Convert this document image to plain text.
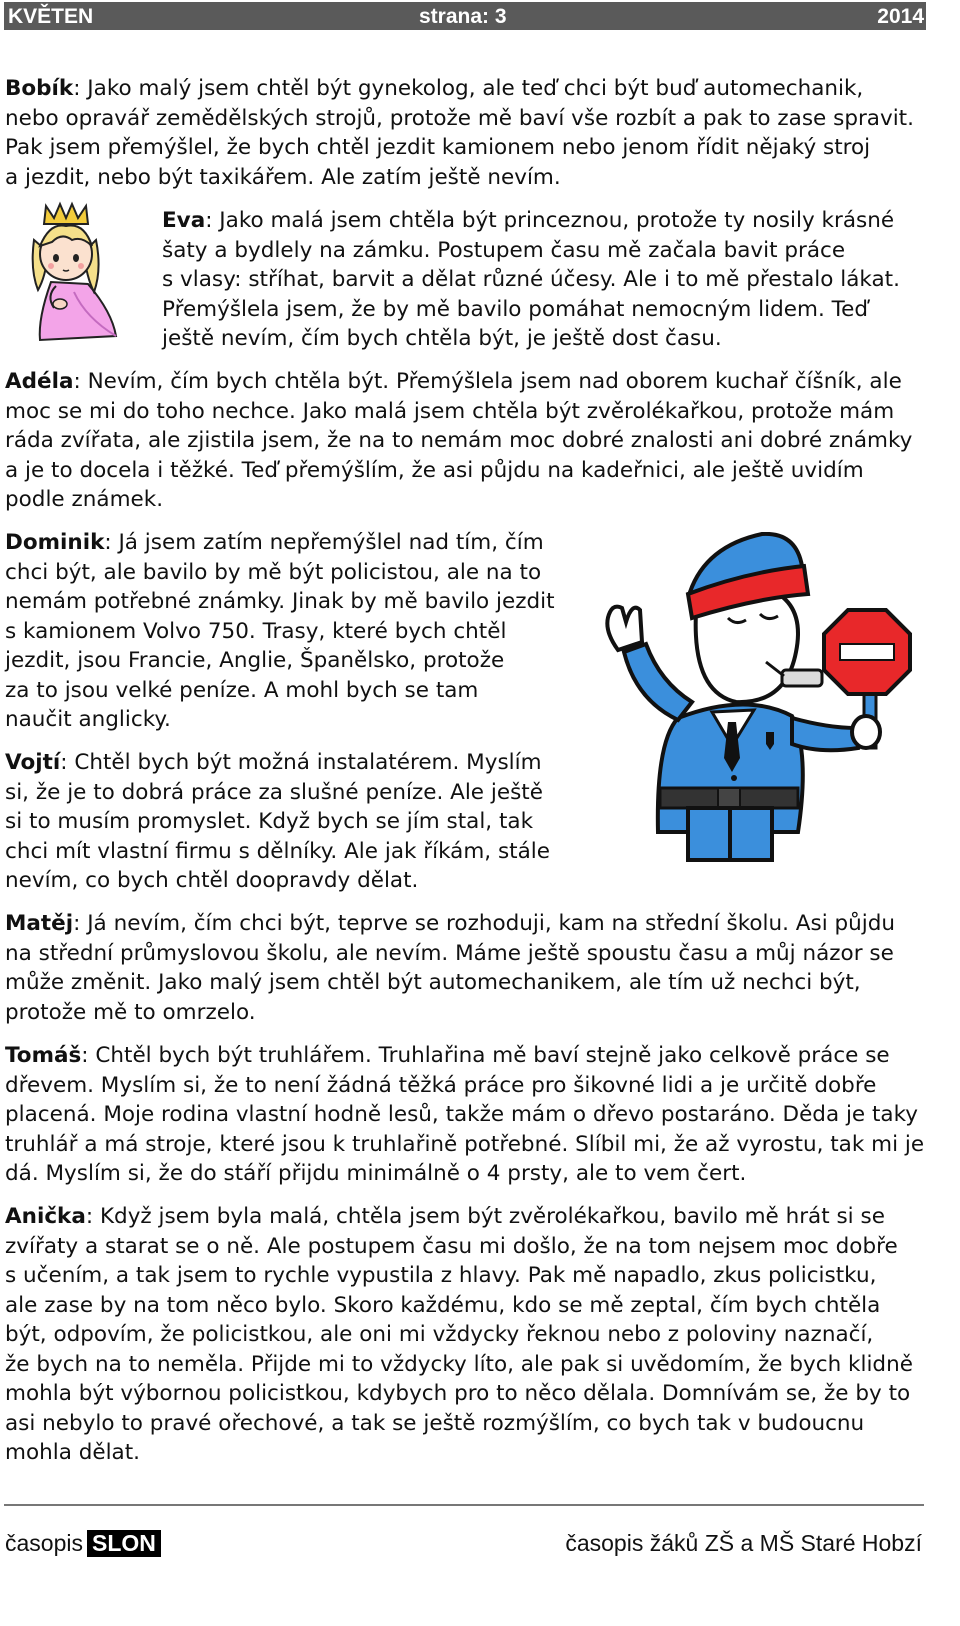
KVĚTEN	strana: 3	2014
Bobík: Jako malý jsem chtěl být gynekolog, ale teď chci být buď automechanik,
nebo opravář zemědělských strojů, protože mě baví vše rozbít a pak to zase spravit.
Pak jsem přemýšlel, že bych chtěl jezdit kamionem nebo jenom řídit nějaký stroj
a jezdit, nebo být taxikářem. Ale zatím ještě nevím.
Eva: Jako malá jsem chtěla být princeznou, protože ty nosily krásné
šaty a bydlely na zámku. Postupem času mě začala bavit práce
s vlasy: stříhat, barvit a dělat různé účesy. Ale i to mě přestalo lákat.
Přemýšlela jsem, že by mě bavilo pomáhat nemocným lidem. Teď
ještě nevím, čím bych chtěla být, je ještě dost času.
Adéla: Nevím, čím bych chtěla být. Přemýšlela jsem nad oborem kuchař číšník, ale
moc se mi do toho nechce. Jako malá jsem chtěla být zvěrolékařkou, protože mám
ráda zvířata, ale zjistila jsem, že na to nemám moc dobré znalosti ani dobré známky
a je to docela i těžké. Teď přemýšlím, že asi půjdu na kadeřnici, ale ještě uvidím
podle známek.
Dominik: Já jsem zatím nepřemýšlel nad tím, čím
chci být, ale bavilo by mě být policistou, ale na to
nemám potřebné známky. Jinak by mě bavilo jezdit
s kamionem Volvo 750. Trasy, které bych chtěl
jezdit, jsou Francie, Anglie, Španělsko, protože
za to jsou velké peníze. A mohl bych se tam
naučit anglicky.
Vojtí: Chtěl bych být možná instalatérem. Myslím
si, že je to dobrá práce za slušné peníze. Ale ještě
si to musím promyslet. Když bych se jím stal, tak
chci mít vlastní firmu s dělníky. Ale jak říkám, stále
nevím, co bych chtěl doopravdy dělat.
Matěj: Já nevím, čím chci být, teprve se rozhoduji, kam na střední školu. Asi půjdu
na střední průmyslovou školu, ale nevím. Máme ještě spoustu času a můj názor se
může změnit. Jako malý jsem chtěl být automechanikem, ale tím už nechci být,
protože mě to omrzelo.
Tomáš: Chtěl bych být truhlářem. Truhlařina mě baví stejně jako celkově práce se
dřevem. Myslím si, že to není žádná těžká práce pro šikovné lidi a je určitě dobře
placená. Moje rodina vlastní hodně lesů, takže mám o dřevo postaráno. Děda je taky
truhlář a má stroje, které jsou k truhlařině potřebné. Slíbil mi, že až vyrostu, tak mi je
dá. Myslím si, že do stáří přijdu minimálně o 4 prsty, ale to vem čert.
Anička: Když jsem byla malá, chtěla jsem být zvěrolékařkou, bavilo mě hrát si se
zvířaty a starat se o ně. Ale postupem času mi došlo, že na tom nejsem moc dobře
s učením, a tak jsem to rychle vypustila z hlavy. Pak mě napadlo, zkus policistku,
ale zase by na tom něco bylo. Skoro každému, kdo se mě zeptal, čím bych chtěla
být, odpovím, že policistkou, ale oni mi vždycky řeknou nebo z poloviny naznačí,
že bych na to neměla. Přijde mi to vždycky líto, ale pak si uvědomím, že bych klidně
mohla být výbornou policistkou, kdybych pro to něco dělala. Domnívám se, že by to
asi nebylo to pravé ořechové, a tak se ještě rozmýšlím, co bych tak v budoucnu
mohla dělat.
časopis SLON	časopis žáků ZŠ a MŠ Staré Hobzí
